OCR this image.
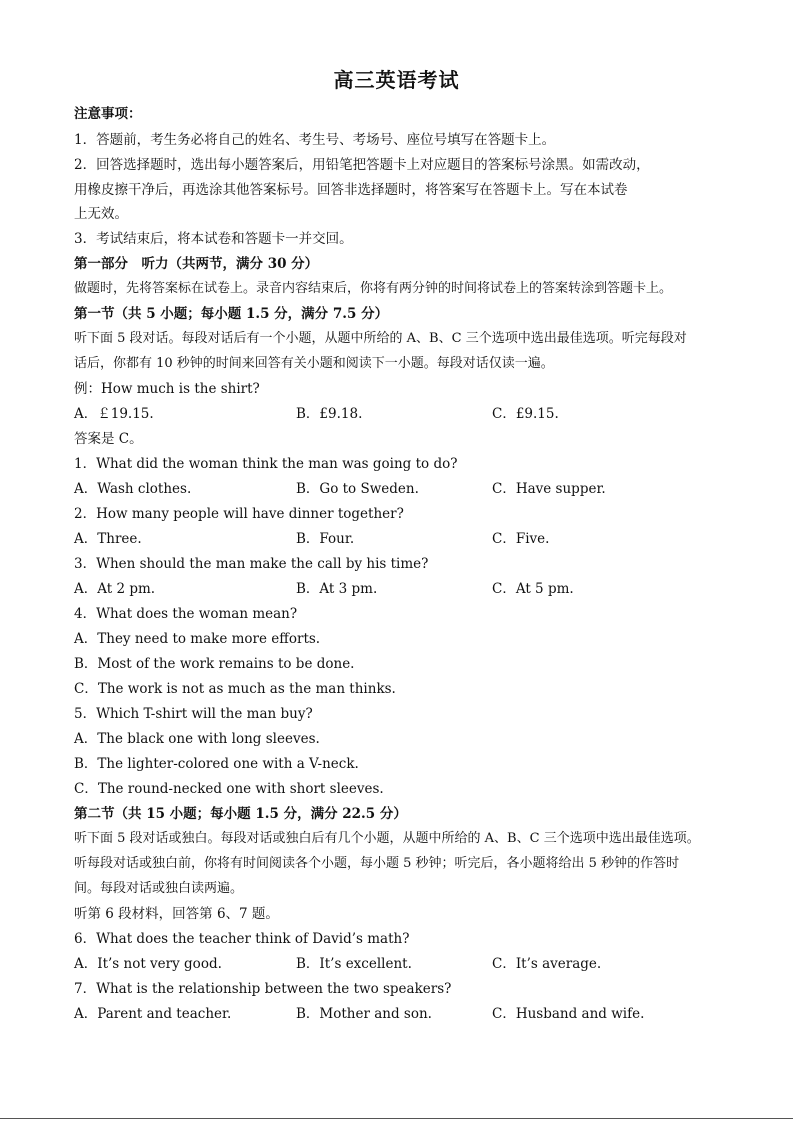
高三英语考试
注意事项：
1．答题前，考生务必将自己的姓名、考生号、考场号、座位号填写在答题卡上。
2．回答选择题时，选出每小题答案后，用铅笔把答题卡上对应题目的答案标号涂黑。如需改动，
用橡皮擦干净后，再选涂其他答案标号。回答非选择题时，将答案写在答题卡上。写在本试卷
上无效。
3．考试结束后，将本试卷和答题卡一并交回。
第一部分　听力（共两节，满分 30 分）
做题时，先将答案标在试卷上。录音内容结束后，你将有两分钟的时间将试卷上的答案转涂到答题卡上。
第一节（共 5 小题；每小题 1.5 分，满分 7.5 分）
听下面 5 段对话。每段对话后有一个小题，从题中所给的 A、B、C 三个选项中选出最佳选项。听完每段对
话后，你都有 10 秒钟的时间来回答有关小题和阅读下一小题。每段对话仅读一遍。
例：How much is the shirt?
A．￡19.15.	B．£9.18.	C．£9.15.
答案是 C。
1．What did the woman think the man was going to do?
A．Wash clothes.	B．Go to Sweden.	C．Have supper.
2．How many people will have dinner together?
A．Three.	B．Four.	C．Five.
3．When should the man make the call by his time?
A．At 2 pm.	B．At 3 pm.	C．At 5 pm.
4．What does the woman mean?
A．They need to make more efforts.
B．Most of the work remains to be done.
C．The work is not as much as the man thinks.
5．Which T-shirt will the man buy?
A．The black one with long sleeves.
B．The lighter-colored one with a V-neck.
C．The round-necked one with short sleeves.
第二节（共 15 小题；每小题 1.5 分，满分 22.5 分）
听下面 5 段对话或独白。每段对话或独白后有几个小题，从题中所给的 A、B、C 三个选项中选出最佳选项。
听每段对话或独白前，你将有时间阅读各个小题，每小题 5 秒钟；听完后，各小题将给出 5 秒钟的作答时
间。每段对话或独白读两遍。
听第 6 段材料，回答第 6、7 题。
6．What does the teacher think of David’s math?
A．It’s not very good.	B．It’s excellent.	C．It’s average.
7．What is the relationship between the two speakers?
A．Parent and teacher.	B．Mother and son.	C．Husband and wife.
